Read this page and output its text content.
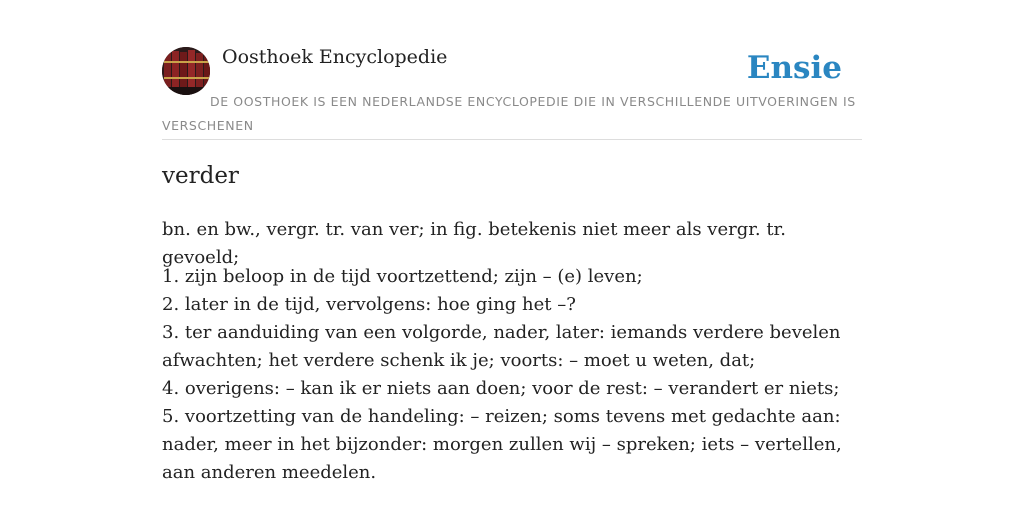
Oosthoek Encyclopedie	Ensie
DE OOSTHOEK IS EEN NEDERLANDSE ENCYCLOPEDIE DIE IN VERSCHILLENDE UITVOERINGEN IS VERSCHENEN
verder
bn. en bw., vergr. tr. van ver; in fig. betekenis niet meer als vergr. tr. gevoeld;
1. zijn beloop in de tijd voortzettend; zijn – (e) leven;
2. later in de tijd, vervolgens: hoe ging het –?
3. ter aanduiding van een volgorde, nader, later: iemands verdere bevelen afwachten; het verdere schenk ik je; voorts: – moet u weten, dat;
4. overigens: – kan ik er niets aan doen; voor de rest: – verandert er niets;
5. voortzetting van de handeling: – reizen; soms tevens met gedachte aan: nader, meer in het bijzonder: morgen zullen wij – spreken; iets – vertellen, aan anderen meedelen.
